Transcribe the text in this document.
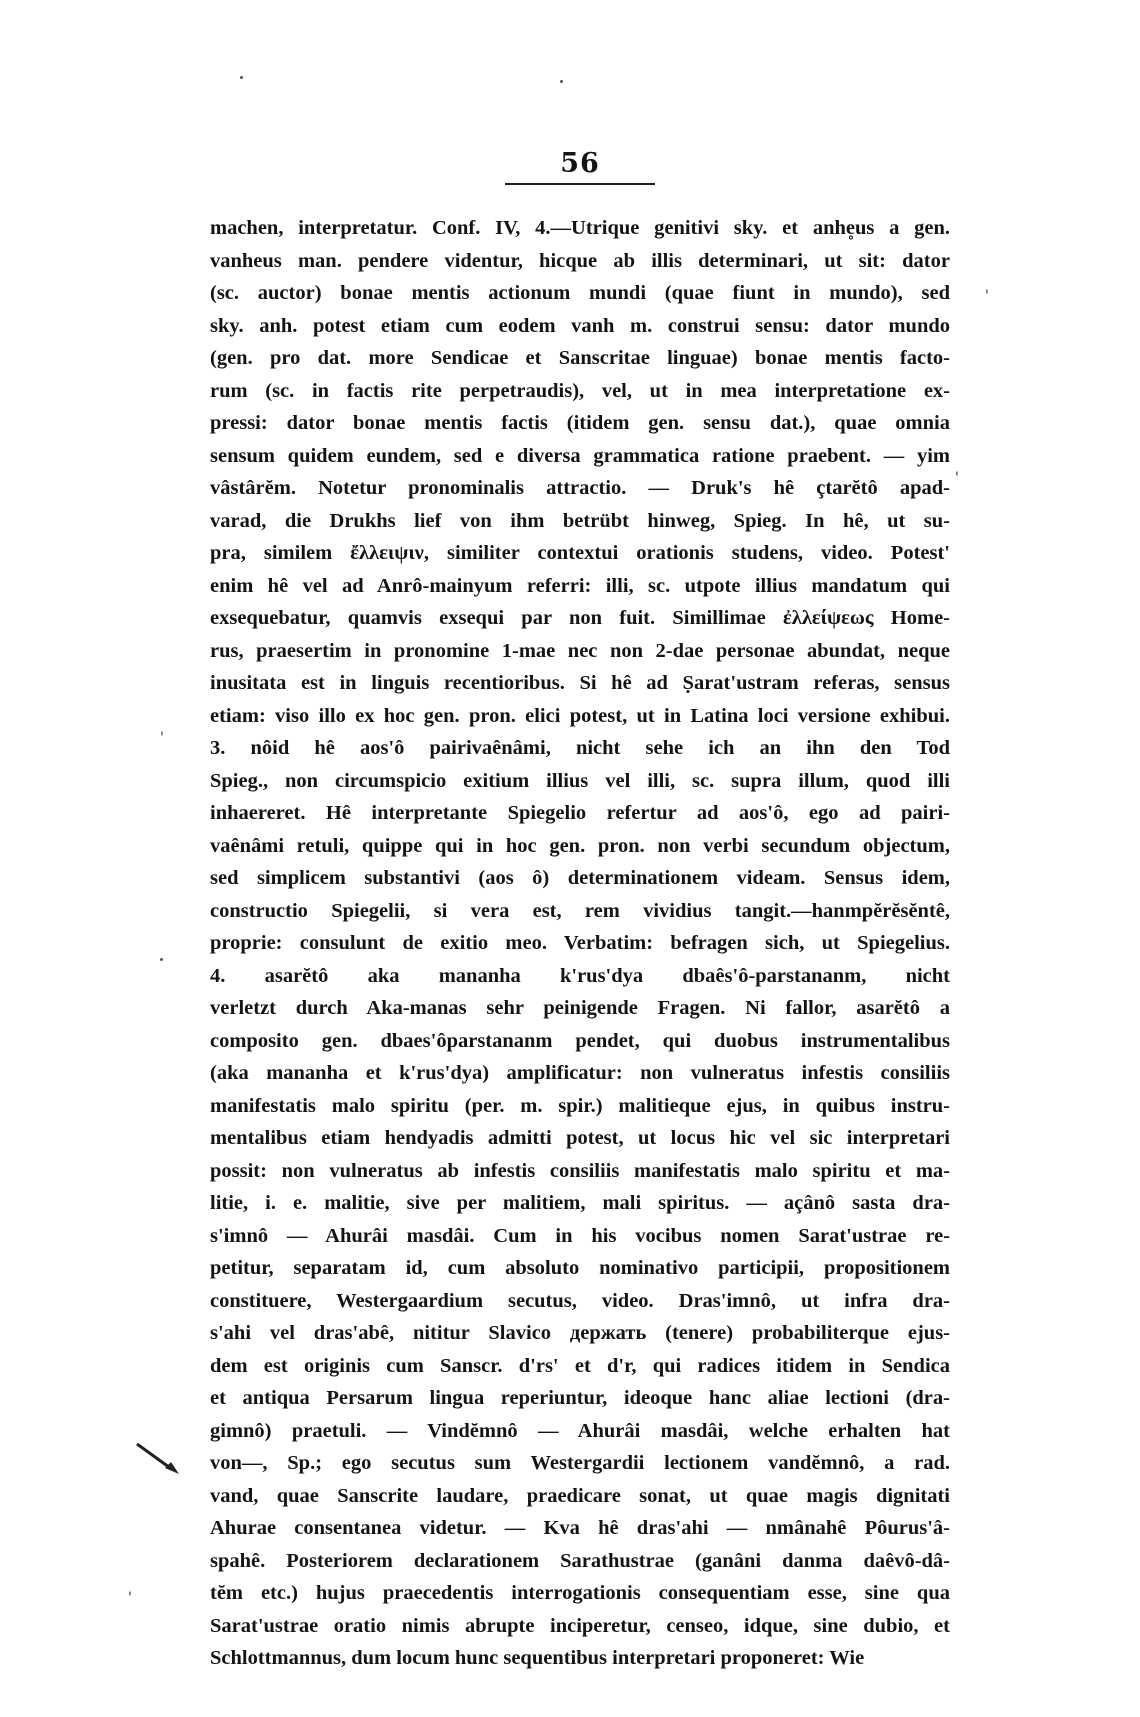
56
machen, interpretatur. Conf. IV, 4.—Utrique genitivi sky. et anhe̥us a gen.
vanheus man. pendere videntur, hicque ab illis determinari, ut sit: dator
(sc. auctor) bonae mentis actionum mundi (quae fiunt in mundo), sed
sky. anh. potest etiam cum eodem vanh m. construi sensu: dator mundo
(gen. pro dat. more Sendicae et Sanscritae linguae) bonae mentis facto-
rum (sc. in factis rite perpetraudis), vel, ut in mea interpretatione ex-
pressi: dator bonae mentis factis (itidem gen. sensu dat.), quae omnia
sensum quidem eundem, sed e diversa grammatica ratione praebent. — yim
vâstârĕm. Notetur pronominalis attractio. — Druk's hê çtarĕtô apad-
varad, die Drukhs lief von ihm betrübt hinweg, Spieg. In hê, ut su-
pra, similem ἔλλειψιν, similiter contextui orationis studens, video. Potest'
enim hê vel ad Anrô-mainyum referri: illi, sc. utpote illius mandatum qui
exsequebatur, quamvis exsequi par non fuit. Simillimae ἐλλείψεως Home-
rus, praesertim in pronomine 1-mae nec non 2-dae personae abundat, neque
inusitata est in linguis recentioribus. Si hê ad Ṣarat'ustram referas, sensus
etiam: viso illo ex hoc gen. pron. elici potest, ut in Latina loci versione exhibui.
3. nôid hê aos'ô pairivaênâmi, nicht sehe ich an ihn den Tod
Spieg., non circumspicio exitium illius vel illi, sc. supra illum, quod illi
inhaereret. Hê interpretante Spiegelio refertur ad aos'ô, ego ad pairi-
vaênâmi retuli, quippe qui in hoc gen. pron. non verbi secundum objectum,
sed simplicem substantivi (aos ô) determinationem videam. Sensus idem,
constructio Spiegelii, si vera est, rem vividius tangit.—hanmpĕrĕsĕntê,
proprie: consulunt de exitio meo. Verbatim: befragen sich, ut Spiegelius.
4. asarĕtô aka mananha k'rus'dya dbaês'ô-parstananm, nicht
verletzt durch Aka-manas sehr peinigende Fragen. Ni fallor, asarĕtô a
composito gen. dbaes'ôparstananm pendet, qui duobus instrumentalibus
(aka mananha et k'rus'dya) amplificatur: non vulneratus infestis consiliis
manifestatis malo spiritu (per. m. spir.) malitieque ejus, in quibus instru-
mentalibus etiam hendyadis admitti potest, ut locus hic vel sic interpretari
possit: non vulneratus ab infestis consiliis manifestatis malo spiritu et ma-
litie, i. e. malitie, sive per malitiem, mali spiritus. — açânô sasta dra-
s'imnô — Ahurâi masdâi. Cum in his vocibus nomen Sarat'ustrae re-
petitur, separatam id, cum absoluto nominativo participii, propositionem
constituere, Westergaardium secutus, video. Dras'imnô, ut infra dra-
s'ahi vel dras'abê, nititur Slavico держать (tenere) probabiliterque ejus-
dem est originis cum Sanscr. d'rs' et d'r, qui radices itidem in Sendica
et antiqua Persarum lingua reperiuntur, ideoque hanc aliae lectioni (dra-
gimnô) praetuli. — Vindĕmnô — Ahurâi masdâi, welche erhalten hat
von—, Sp.; ego secutus sum Westergardii lectionem vandĕmnô, a rad.
vand, quae Sanscrite laudare, praedicare sonat, ut quae magis dignitati
Ahurae consentanea videtur. — Kva hê dras'ahi — nmânahê Pôurus'â-
spahê. Posteriorem declarationem Sarathustrae (ganâni danma daêvô-dâ-
tĕm etc.) hujus praecedentis interrogationis consequentiam esse, sine qua
Sarat'ustrae oratio nimis abrupte inciperetur, censeo, idque, sine dubio, et
Schlottmannus, dum locum hunc sequentibus interpretari proponeret: Wie
'
'
'
'
